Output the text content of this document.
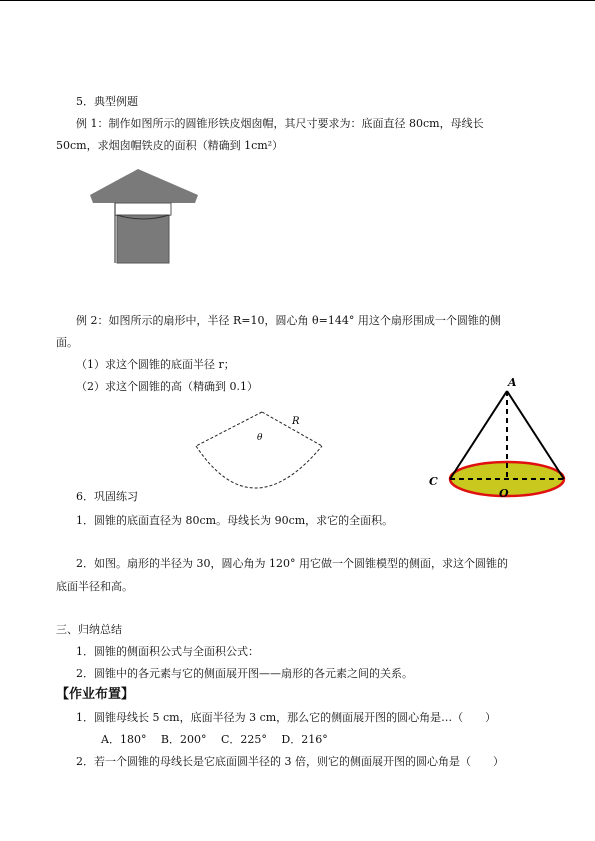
5．典型例题
例 1：制作如图所示的圆锥形铁皮烟囱帽，其尺寸要求为：底面直径 80cm，母线长
50cm，求烟囱帽铁皮的面积（精确到 1cm²）
例 2：如图所示的扇形中，半径 R=10，圆心角 θ=144° 用这个扇形围成一个圆锥的侧
面。
（1）求这个圆锥的底面半径 r；
（2）求这个圆锥的高（精确到 0.1）
R
θ
A
C
O
6．巩固练习
1．圆锥的底面直径为 80cm。母线长为 90cm，求它的全面积。
2．如图。扇形的半径为 30，圆心角为 120° 用它做一个圆锥模型的侧面，求这个圆锥的
底面半径和高。
三、归纳总结
1．圆锥的侧面积公式与全面积公式：
2．圆锥中的各元素与它的侧面展开图——扇形的各元素之间的关系。
【作业布置】
1．圆锥母线长 5 cm，底面半径为 3 cm，那么它的侧面展开图的圆心角是…（　　）
A．180°　 B．200°　 C．225°　 D．216°
2．若一个圆锥的母线长是它底面圆半径的 3 倍，则它的侧面展开图的圆心角是（　　）
